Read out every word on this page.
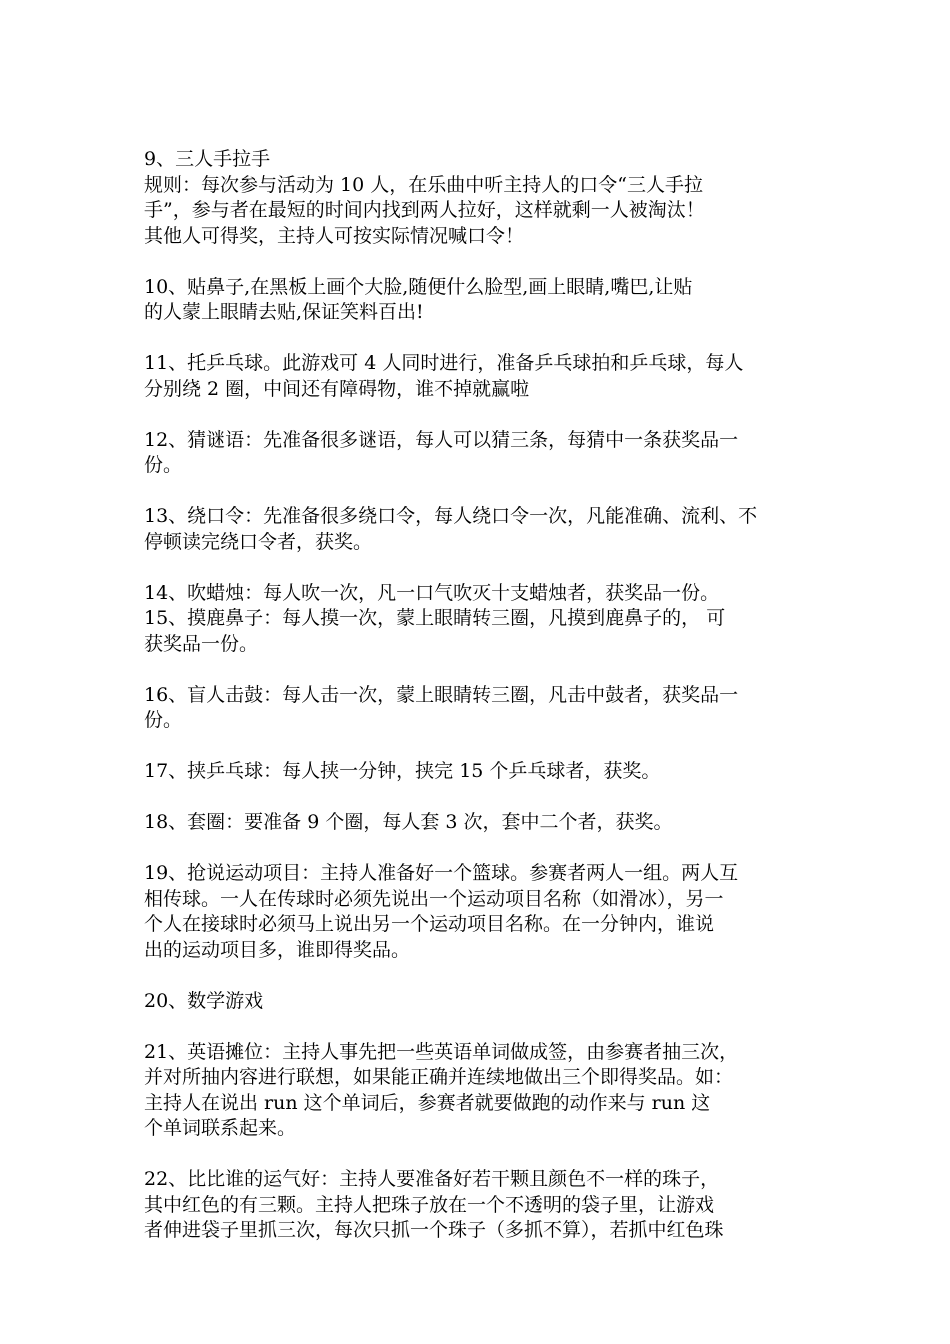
9、三人手拉手
规则：每次参与活动为 10 人，在乐曲中听主持人的口令“三人手拉
手”，参与者在最短的时间内找到两人拉好，这样就剩一人被淘汰！
其他人可得奖，主持人可按实际情况喊口令！
10、贴鼻子,在黑板上画个大脸,随便什么脸型,画上眼睛,嘴巴,让贴
的人蒙上眼睛去贴,保证笑料百出!
11、托乒乓球。此游戏可 4 人同时进行，准备乒乓球拍和乒乓球，每人
分别绕 2 圈，中间还有障碍物，谁不掉就赢啦
12、猜谜语：先准备很多谜语，每人可以猜三条，每猜中一条获奖品一
份。
13、绕口令：先准备很多绕口令，每人绕口令一次，凡能准确、流利、不
停顿读完绕口令者，获奖。
14、吹蜡烛：每人吹一次，凡一口气吹灭十支蜡烛者，获奖品一份。
15、摸鹿鼻子：每人摸一次，蒙上眼睛转三圈，凡摸到鹿鼻子的， 可
获奖品一份。
16、盲人击鼓：每人击一次，蒙上眼睛转三圈，凡击中鼓者，获奖品一
份。
17、挟乒乓球：每人挟一分钟，挟完 15 个乒乓球者，获奖。
18、套圈：要准备 9 个圈，每人套 3 次，套中二个者，获奖。
19、抢说运动项目：主持人准备好一个篮球。参赛者两人一组。两人互
相传球。一人在传球时必须先说出一个运动项目名称（如滑冰），另一
个人在接球时必须马上说出另一个运动项目名称。在一分钟内，谁说
出的运动项目多，谁即得奖品。
20、数学游戏
21、英语摊位：主持人事先把一些英语单词做成签，由参赛者抽三次，
并对所抽内容进行联想，如果能正确并连续地做出三个即得奖品。如：
主持人在说出 run 这个单词后，参赛者就要做跑的动作来与 run 这
个单词联系起来。
22、比比谁的运气好：主持人要准备好若干颗且颜色不一样的珠子，
其中红色的有三颗。主持人把珠子放在一个不透明的袋子里，让游戏
者伸进袋子里抓三次，每次只抓一个珠子（多抓不算），若抓中红色珠
